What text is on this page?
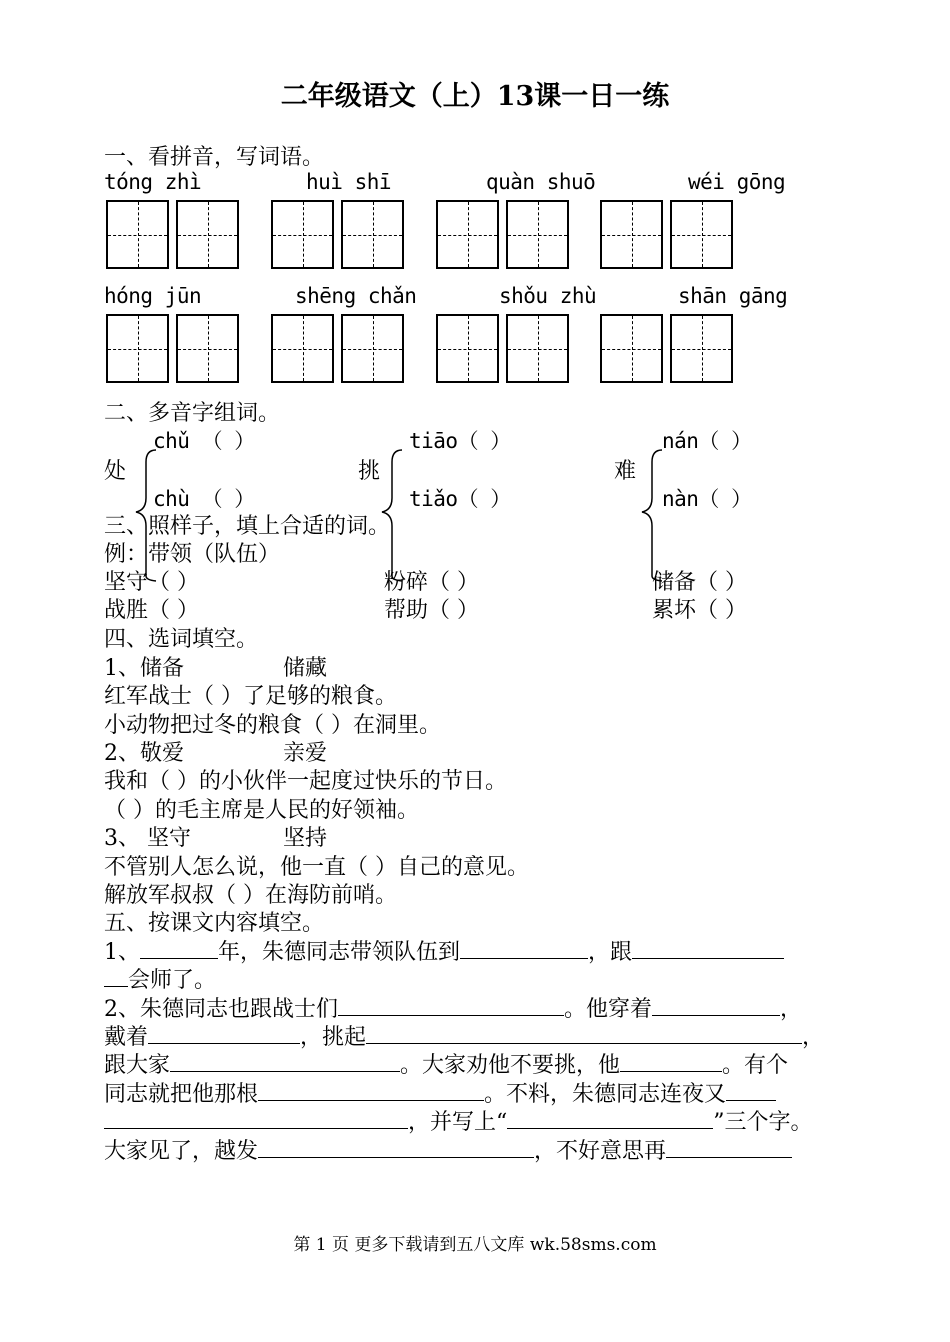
二年级语文（上）13课一日一练
一、看拼音，写词语。
tóng zhì	huì shī	quàn shuō	wéi gōng
hóng jūn	shēng chǎn	shǒu zhù	shān gāng
二、多音字组词。
chǔ （ ）
处
chù （ ）
tiāo（ ）
挑
tiǎo（ ）
nán（ ）
难
nàn（ ）
三、照样子，填上合适的词。
例：带领（队伍）
坚守（ ）	粉碎（ ）	储备（ ）
战胜（ ）	帮助（ ）	累坏（ ）
四、选词填空。
1、储备	储藏
红军战士（ ）了足够的粮食。
小动物把过冬的粮食（ ）在洞里。
2、敬爱	亲爱
我和（ ）的小伙伴一起度过快乐的节日。
（ ）的毛主席是人民的好领袖。
3、 坚守	坚持
不管别人怎么说，他一直（ ）自己的意见。
解放军叔叔（ ）在海防前哨。
五、按课文内容填空。
1、	年，朱德同志带领队伍到	，跟
会师了。
2、朱德同志也跟战士们	。他穿着	，
戴着	，挑起	，
跟大家	。大家劝他不要挑，他	。有个
同志就把他那根	。不料，朱德同志连夜又
，并写上“	”三个字。
大家见了，越发	，不好意思再
第 1 页 更多下载请到五八文库 wk.58sms.com
